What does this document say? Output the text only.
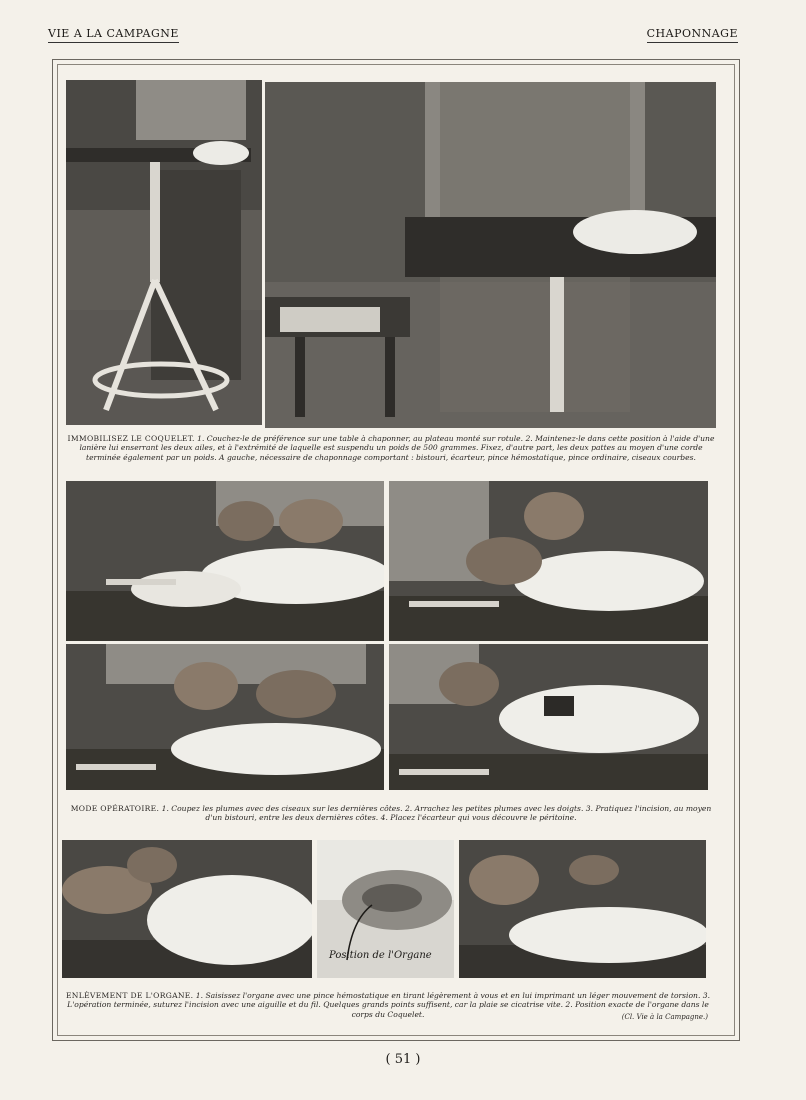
VIE A LA CAMPAGNE	CHAPONNAGE
IMMOBILISEZ LE COQUELET. 1. Couchez-le de préférence sur une table à chaponner, au plateau monté sur rotule. 2. Maintenez-le dans cette position à l'aide d'une lanière lui enserrant les deux ailes, et à l'extrémité de laquelle est suspendu un poids de 500 grammes. Fixez, d'autre part, les deux pattes au moyen d'une corde terminée également par un poids. A gauche, nécessaire de chaponnage comportant : bistouri, écarteur, pince hémostatique, pince ordinaire, ciseaux courbes.
MODE OPÉRATOIRE. 1. Coupez les plumes avec des ciseaux sur les dernières côtes. 2. Arrachez les petites plumes avec les doigts. 3. Pratiquez l'incision, au moyen d'un bistouri, entre les deux dernières côtes. 4. Placez l'écarteur qui vous découvre le péritoine.
Position de l'Organe
ENLÈVEMENT DE L'ORGANE. 1. Saisissez l'organe avec une pince hémostatique en tirant légèrement à vous et en lui imprimant un léger mouvement de torsion. 3. L'opération terminée, suturez l'incision avec une aiguille et du fil. Quelques grands points suffisent, car la plaie se cicatrise vite. 2. Position exacte de l'organe dans le corps du Coquelet.	(Cl. Vie à la Campagne.)
( 51 )
